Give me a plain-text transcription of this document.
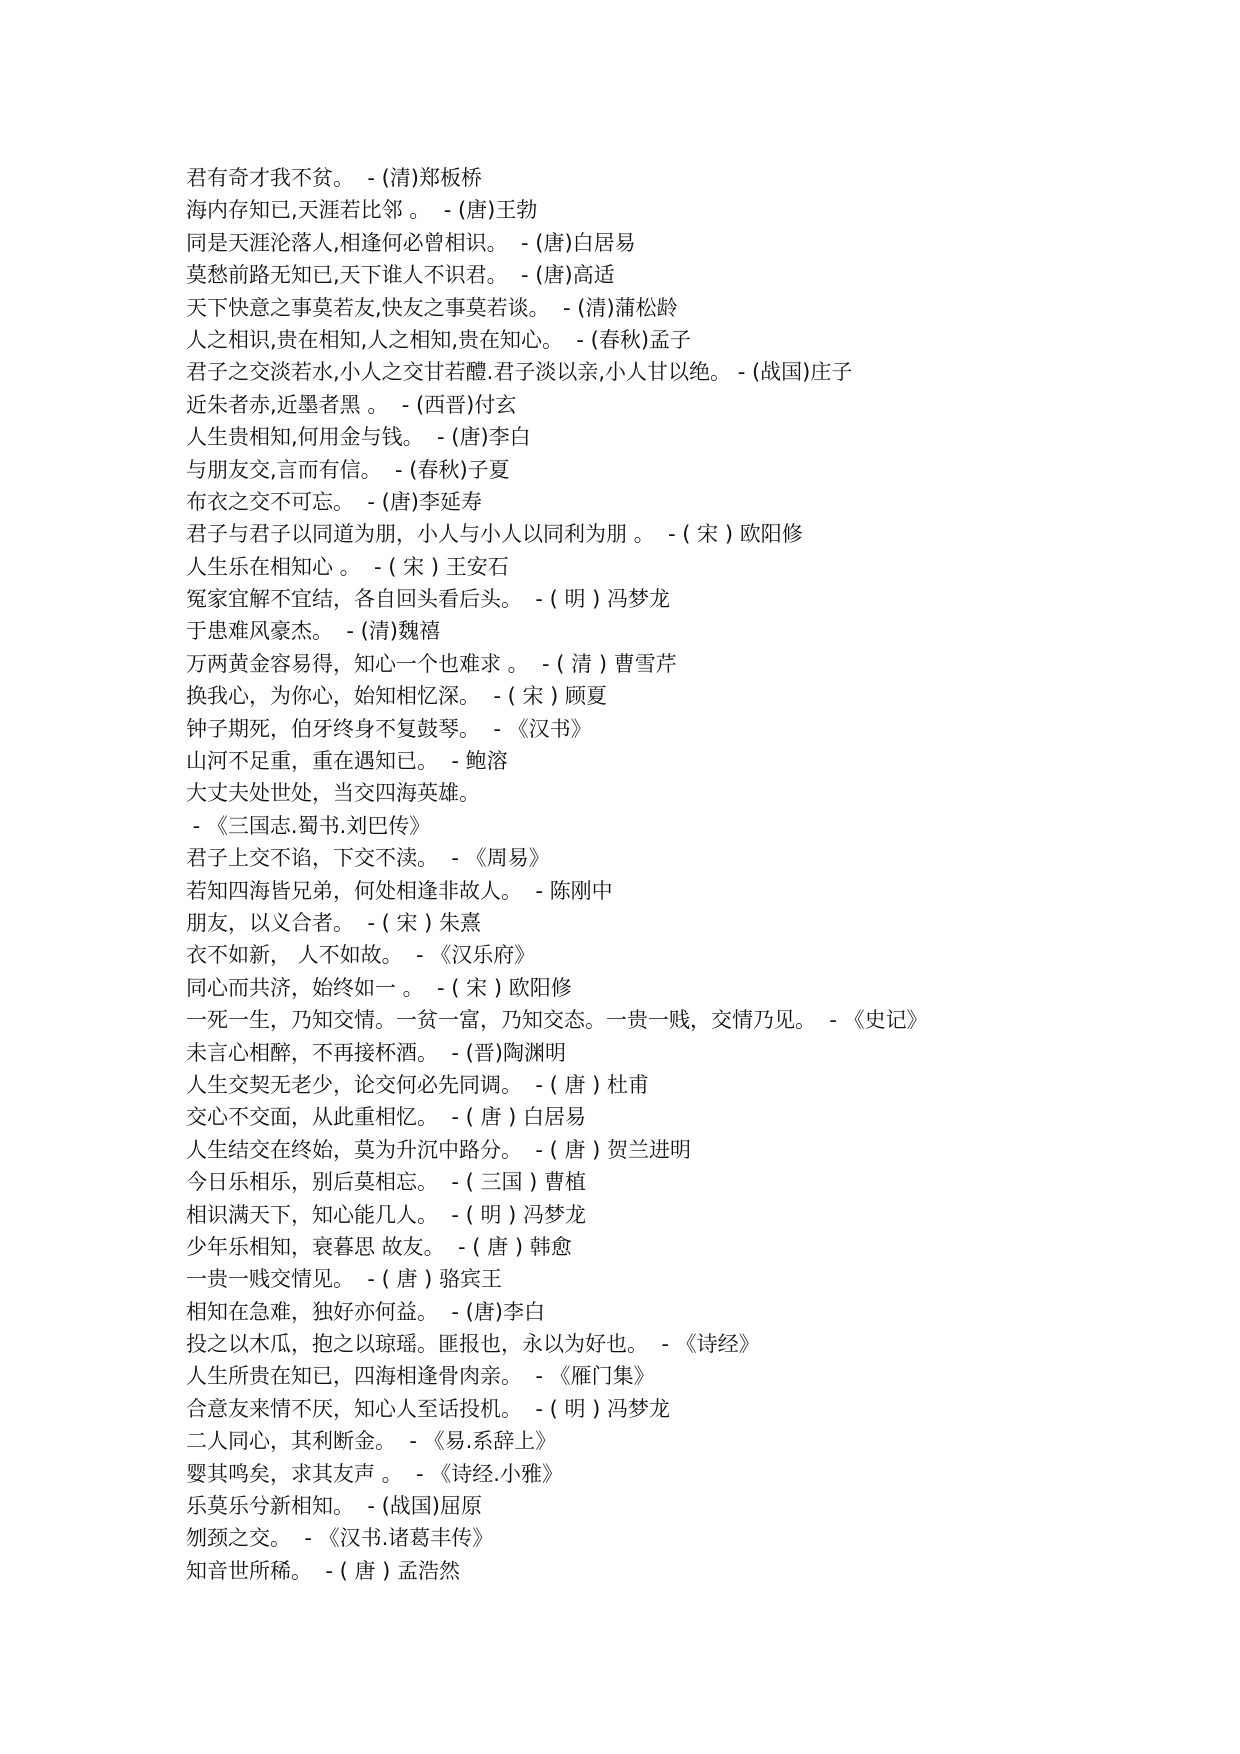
君有奇才我不贫。  - (清)郑板桥
海内存知已,天涯若比邻 。  - (唐)王勃
同是天涯沦落人,相逢何必曾相识。  - (唐)白居易
莫愁前路无知已,天下谁人不识君。  - (唐)高适
天下快意之事莫若友,快友之事莫若谈。  - (清)蒲松龄
人之相识,贵在相知,人之相知,贵在知心。  - (春秋)孟子
君子之交淡若水,小人之交甘若醴.君子淡以亲,小人甘以绝。 - (战国)庄子
近朱者赤,近墨者黑 。  - (西晋)付玄
人生贵相知,何用金与钱。  - (唐)李白
与朋友交,言而有信。  - (春秋)子夏
布衣之交不可忘。  - (唐)李延寿
君子与君子以同道为朋，小人与小人以同利为朋 。  - ( 宋 ) 欧阳修
人生乐在相知心 。  - ( 宋 ) 王安石
冤家宜解不宜结，各自回头看后头。  - ( 明 ) 冯梦龙
于患难风豪杰。  - (清)魏禧
万两黄金容易得，知心一个也难求 。  - ( 清 ) 曹雪芹
换我心，为你心，始知相忆深。  - ( 宋 ) 顾夏
钟子期死，伯牙终身不复鼓琴。  - 《汉书》
山河不足重，重在遇知已。  - 鲍溶
大丈夫处世处，当交四海英雄。
- 《三国志.蜀书.刘巴传》
君子上交不谄，下交不渎。  - 《周易》
若知四海皆兄弟，何处相逢非故人。  - 陈刚中
朋友，以义合者。  - ( 宋 ) 朱熹
衣不如新， 人不如故。  - 《汉乐府》
同心而共济，始终如一 。  - ( 宋 ) 欧阳修
一死一生，乃知交情。一贫一富，乃知交态。一贵一贱，交情乃见。  - 《史记》
未言心相醉，不再接杯酒。  - (晋)陶渊明
人生交契无老少，论交何必先同调。  - ( 唐 ) 杜甫
交心不交面，从此重相忆。  - ( 唐 ) 白居易
人生结交在终始，莫为升沉中路分。  - ( 唐 ) 贺兰进明
今日乐相乐，别后莫相忘。  - ( 三国 ) 曹植
相识满天下，知心能几人。  - ( 明 ) 冯梦龙
少年乐相知，衰暮思 故友。  - ( 唐 ) 韩愈
一贵一贱交情见。  - ( 唐 ) 骆宾王
相知在急难，独好亦何益。  - (唐)李白
投之以木瓜，抱之以琼瑶。匪报也，永以为好也。  - 《诗经》
人生所贵在知已，四海相逢骨肉亲。  - 《雁门集》
合意友来情不厌，知心人至话投机。  - ( 明 ) 冯梦龙
二人同心，其利断金。  - 《易.系辞上》
婴其鸣矣，求其友声 。  - 《诗经.小雅》
乐莫乐兮新相知。  - (战国)屈原
刎颈之交。  - 《汉书.诸葛丰传》
知音世所稀。  - ( 唐 ) 孟浩然
